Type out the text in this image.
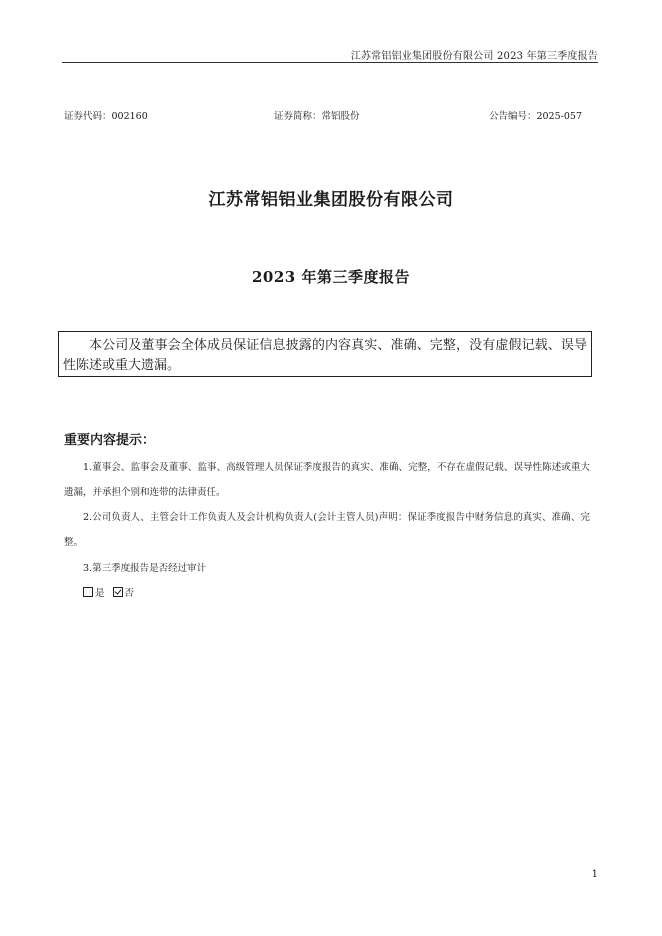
江苏常铝铝业集团股份有限公司 2023 年第三季度报告
证券代码：002160	证券简称：常铝股份	公告编号：2025-057
江苏常铝铝业集团股份有限公司
2023 年第三季度报告
本公司及董事会全体成员保证信息披露的内容真实、准确、完整，没有虚假记载、误导性陈述或重大遗漏。
重要内容提示：
1.董事会、监事会及董事、监事、高级管理人员保证季度报告的真实、准确、完整，不存在虚假记载、误导性陈述或重大遗漏，并承担个别和连带的法律责任。
2.公司负责人、主管会计工作负责人及会计机构负责人(会计主管人员)声明：保证季度报告中财务信息的真实、准确、完整。
3.第三季度报告是否经过审计
是 否
1
